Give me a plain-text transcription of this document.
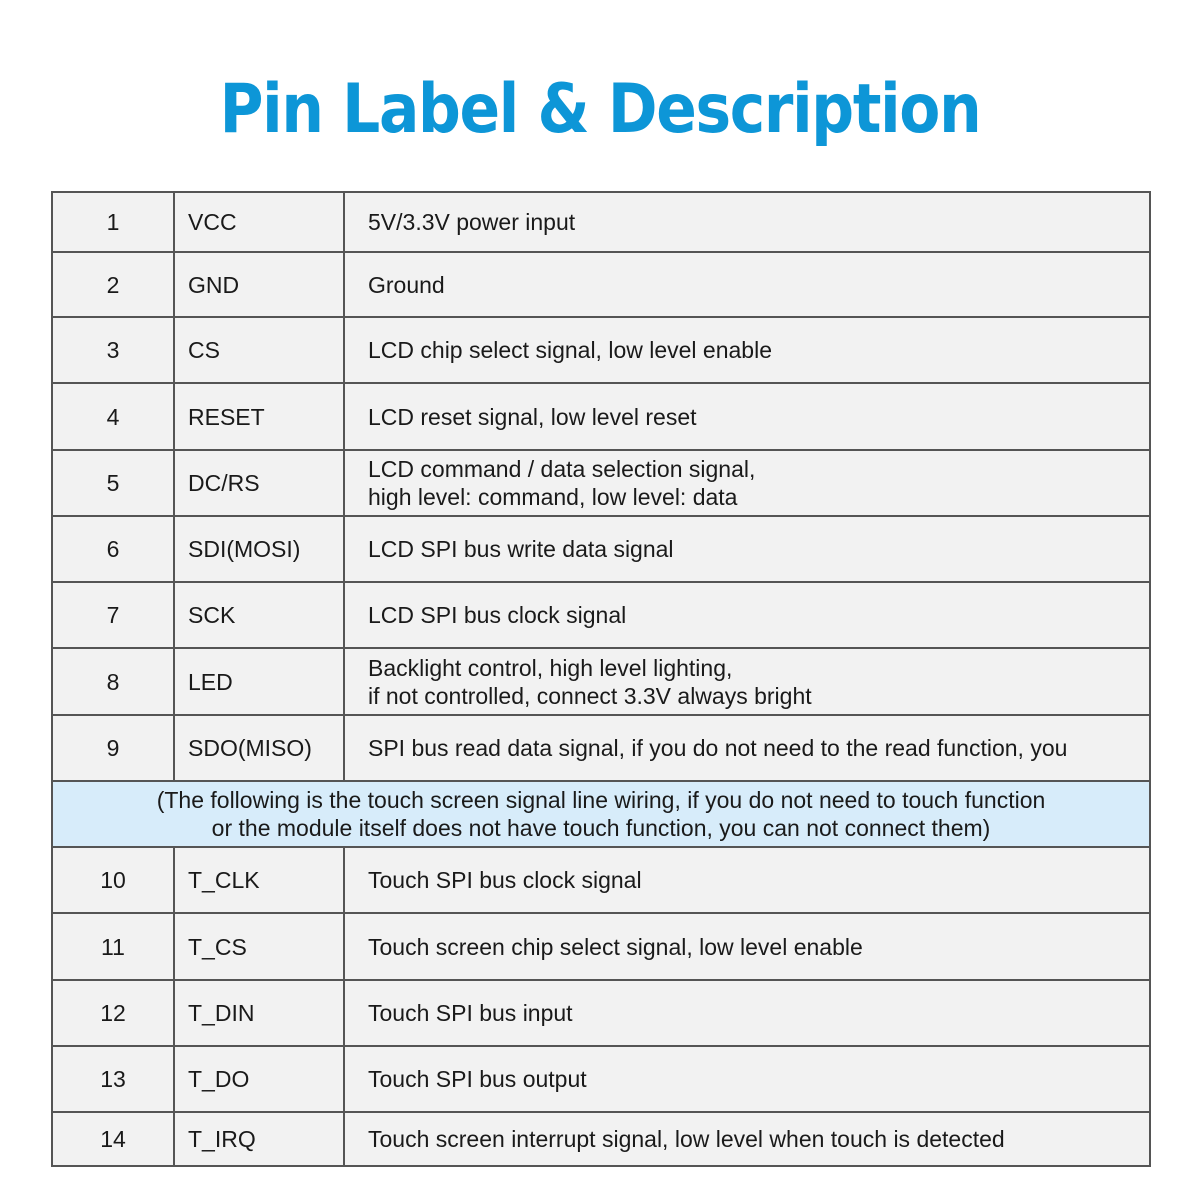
Pin Label & Description
1	VCC	5V/3.3V power input
2	GND	Ground
3	CS	LCD chip select signal, low level enable
4	RESET	LCD reset signal, low level reset
5	DC/RS	LCD command / data selection signal,
high level: command, low level: data
6	SDI(MOSI)	LCD SPI bus write data signal
7	SCK	LCD SPI bus clock signal
8	LED	Backlight control, high level lighting,
if not controlled, connect 3.3V always bright
9	SDO(MISO)	SPI bus read data signal, if you do not need to the read function, you

(The following is the touch screen signal line wiring, if you do not need to touch function
or the module itself does not have touch function, you can not connect them)		
10	T_CLK	Touch SPI bus clock signal
11	T_CS	Touch screen chip select signal, low level enable
12	T_DIN	Touch SPI bus input
13	T_DO	Touch SPI bus output
14	T_IRQ	Touch screen interrupt signal, low level when touch is detected
